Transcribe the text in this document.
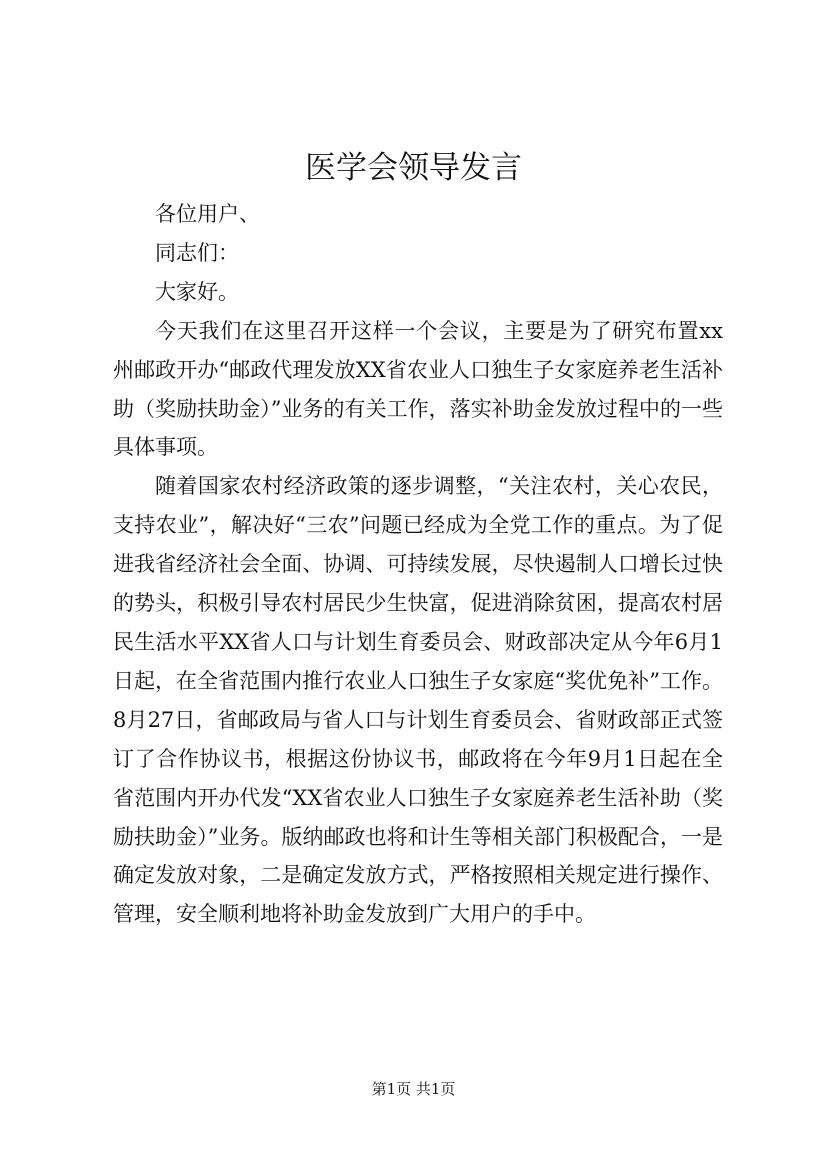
医学会领导发言

各位用户、

同志们：

大家好。

今天我们在这里召开这样一个会议，主要是为了研究布置xx州邮政开办“邮政代理发放XX省农业人口独生子女家庭养老生活补助（奖励扶助金）”业务的有关工作，落实补助金发放过程中的一些具体事项。

随着国家农村经济政策的逐步调整，“关注农村，关心农民，支持农业”，解决好“三农”问题已经成为全党工作的重点。为了促进我省经济社会全面、协调、可持续发展，尽快遏制人口增长过快的势头，积极引导农村居民少生快富，促进消除贫困，提高农村居民生活水平XX省人口与计划生育委员会、财政部决定从今年6月1日起，在全省范围内推行农业人口独生子女家庭“奖优免补”工作。8月27日，省邮政局与省人口与计划生育委员会、省财政部正式签订了合作协议书，根据这份协议书，邮政将在今年9月1日起在全省范围内开办代发“XX省农业人口独生子女家庭养老生活补助（奖励扶助金）”业务。版纳邮政也将和计生等相关部门积极配合，一是确定发放对象，二是确定发放方式，严格按照相关规定进行操作、管理，安全顺利地将补助金发放到广大用户的手中。

第1页 共1页
